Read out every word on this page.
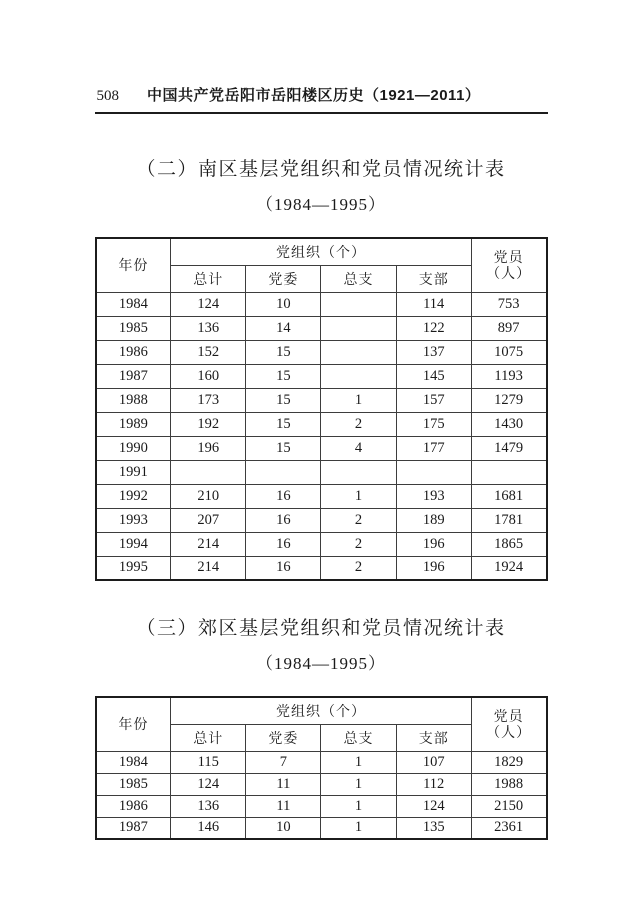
508 中国共产党岳阳市岳阳楼区历史（1921—2011）
（二）南区基层党组织和党员情况统计表
（1984—1995）
年份	党组织（个）				党员
（人）

	总计	党委	总支	支部	
1984	124	10		114	753
1985	136	14		122	897
1986	152	15		137	1075
1987	160	15		145	1193
1988	173	15	1	157	1279
1989	192	15	2	175	1430
1990	196	15	4	177	1479
1991					
1992	210	16	1	193	1681
1993	207	16	2	189	1781
1994	214	16	2	196	1865
1995	214	16	2	196	1924
（三）郊区基层党组织和党员情况统计表
（1984—1995）
年份	党组织（个）				党员
（人）

	总计	党委	总支	支部	
1984	115	7	1	107	1829
1985	124	11	1	112	1988
1986	136	11	1	124	2150
1987	146	10	1	135	2361
